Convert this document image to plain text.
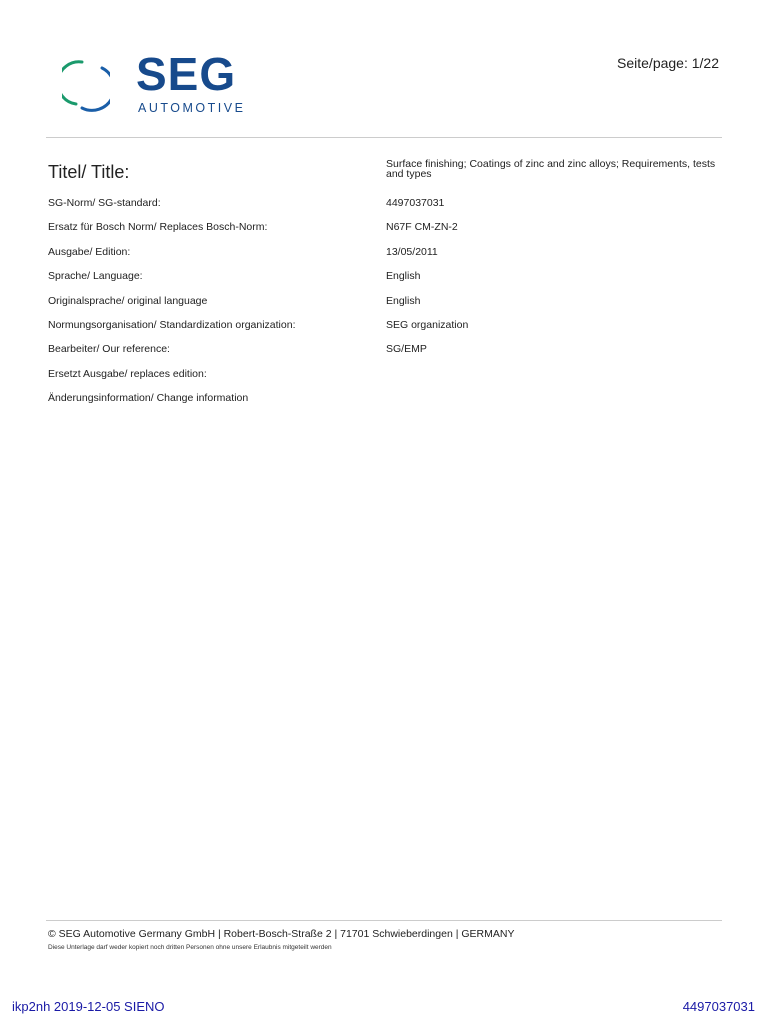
SEG
AUTOMOTIVE
Seite/page: 1/22
Titel/ Title:	Surface finishing; Coatings of zinc and zinc alloys; Requirements, tests and types
SG-Norm/ SG-standard:	4497037031
Ersatz für Bosch Norm/ Replaces Bosch-Norm:	N67F CM-ZN-2
Ausgabe/ Edition:	13/05/2011
Sprache/ Language:	English
Originalsprache/ original language	English
Normungsorganisation/ Standardization organization:	SEG organization
Bearbeiter/ Our reference:	SG/EMP
Ersetzt Ausgabe/ replaces edition:
Änderungsinformation/ Change information
© SEG Automotive Germany GmbH | Robert-Bosch-Straße 2 | 71701 Schwieberdingen | GERMANY
Diese Unterlage darf weder kopiert noch dritten Personen ohne unsere Erlaubnis mitgeteilt werden
ikp2nh 2019-12-05 SIENO	4497037031
